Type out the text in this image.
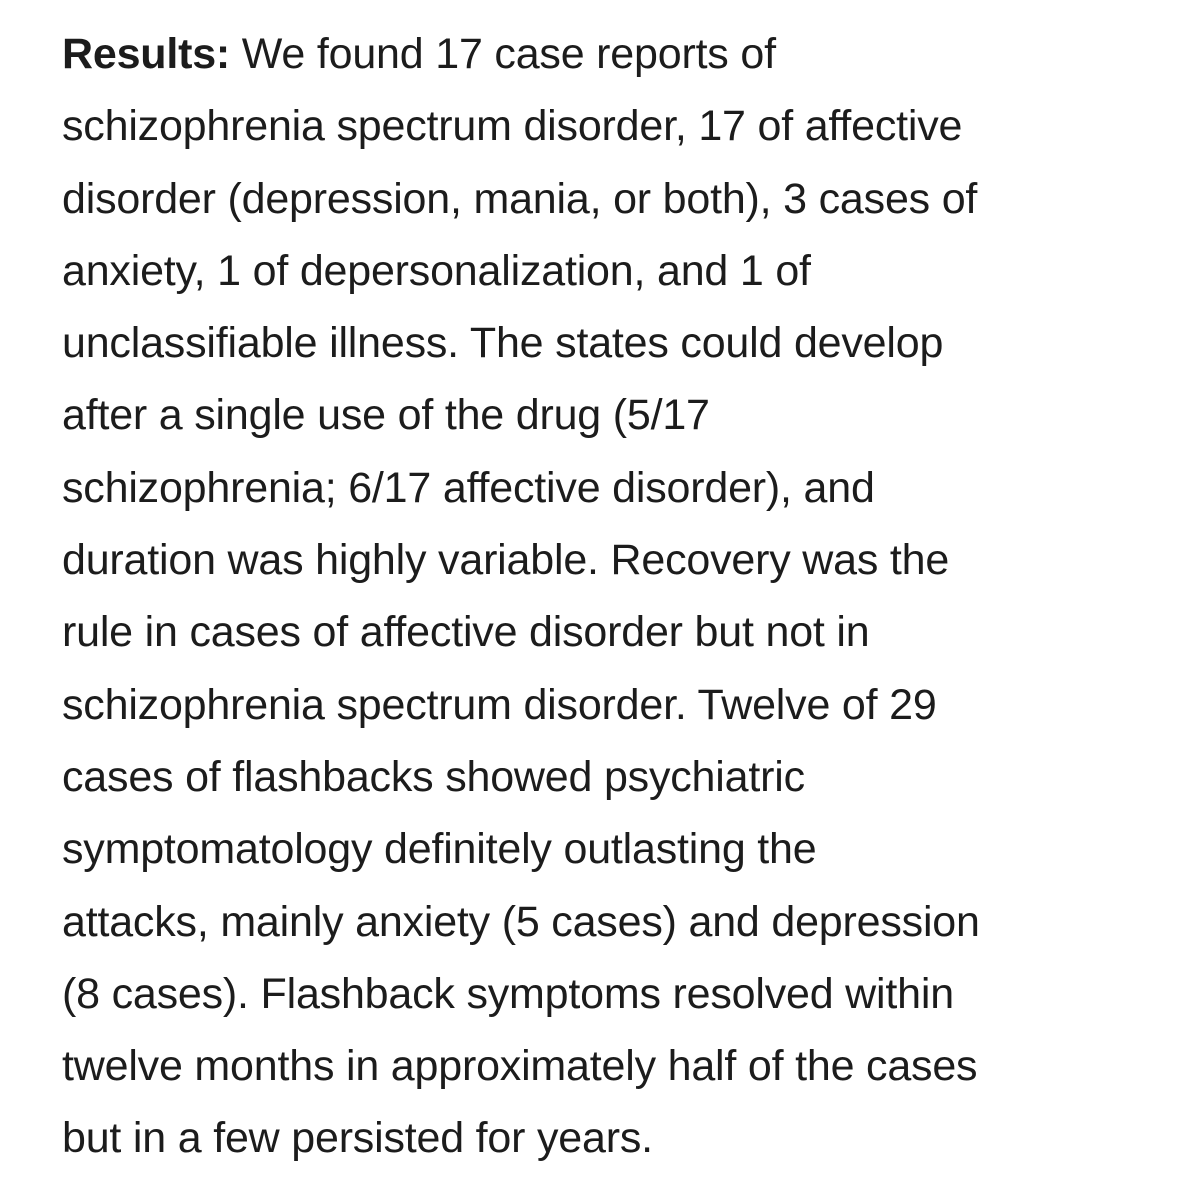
Results: We found 17 case reports of
schizophrenia spectrum disorder, 17 of affective
disorder (depression, mania, or both), 3 cases of
anxiety, 1 of depersonalization, and 1 of
unclassifiable illness. The states could develop
after a single use of the drug (5/17
schizophrenia; 6/17 affective disorder), and
duration was highly variable. Recovery was the
rule in cases of affective disorder but not in
schizophrenia spectrum disorder. Twelve of 29
cases of flashbacks showed psychiatric
symptomatology definitely outlasting the
attacks, mainly anxiety (5 cases) and depression
(8 cases). Flashback symptoms resolved within
twelve months in approximately half of the cases
but in a few persisted for years.
